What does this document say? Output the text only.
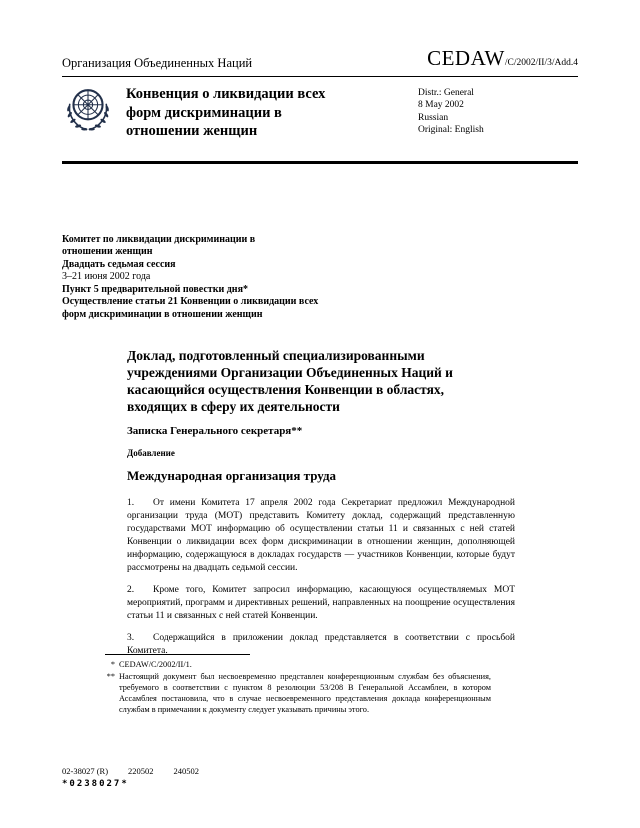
Организация Объединенных Наций	CEDAW/C/2002/II/3/Add.4
Конвенция о ликвидации всех форм дискриминации в отношении женщин
Distr.: General
8 May 2002
Russian
Original: English
Комитет по ликвидации дискриминации в отношении женщин
Двадцать седьмая сессия
3–21 июня 2002 года
Пункт 5 предварительной повестки дня*
Осуществление статьи 21 Конвенции о ликвидации всех форм дискриминации в отношении женщин
Доклад, подготовленный специализированными учреждениями Организации Объединенных Наций и касающийся осуществления Конвенции в областях, входящих в сферу их деятельности
Записка Генерального секретаря**
Добавление
Международная организация труда

1. От имени Комитета 17 апреля 2002 года Секретариат предложил Международной организации труда (МОТ) представить Комитету доклад, содержащий представленную государствами МОТ информацию об осуществлении статьи 11 и связанных с ней статей Конвенции о ликвидации всех форм дискриминации в отношении женщин, дополняющей информацию, содержащуюся в докладах государств — участников Конвенции, которые будут рассмотрены на двадцать седьмой сессии.

2. Кроме того, Комитет запросил информацию, касающуюся осуществляемых МОТ мероприятий, программ и директивных решений, направленных на поощрение осуществления статьи 11 и связанных с ней статей Конвенции.

3. Содержащийся в приложении доклад представляется в соответствии с просьбой Комитета.

* CEDAW/C/2002/II/1.
** Настоящий документ был несвоевременно представлен конференционным службам без объяснения, требуемого в соответствии с пунктом 8 резолюции 53/208 B Генеральной Ассамблеи, в котором Ассамблея постановила, что в случае несвоевременного представления доклада конференционным службам в примечании к документу следует указывать причины этого.
02-38027 (R) 220502 240502
*0238027*
